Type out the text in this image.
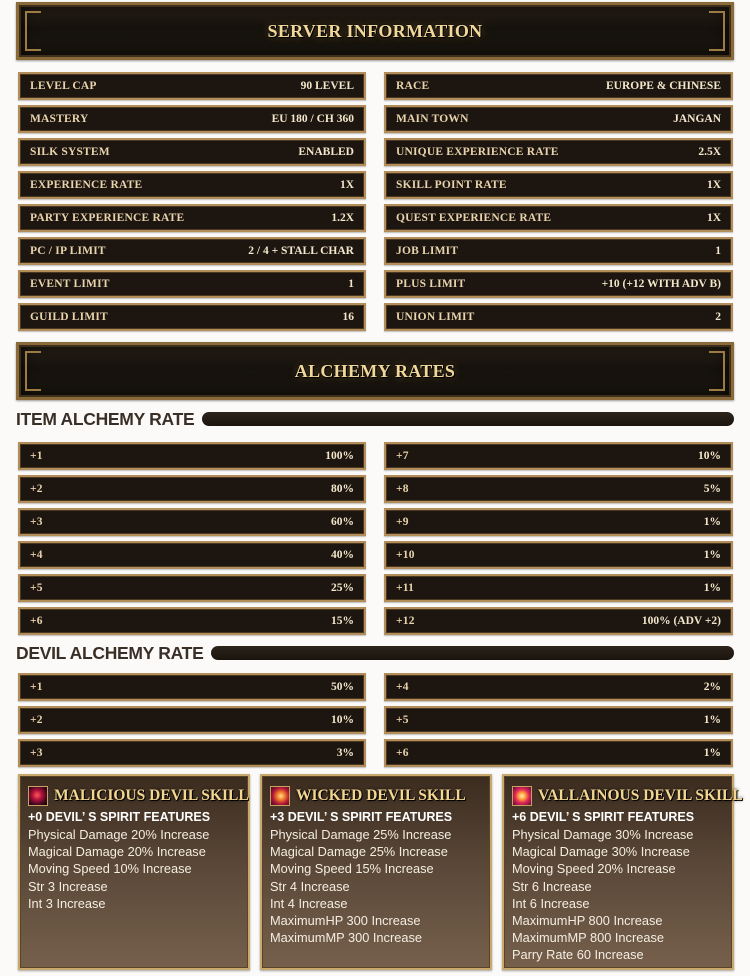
SERVER INFORMATION
LEVEL CAP	90 LEVEL
MASTERY	EU 180 / CH 360
SILK SYSTEM	ENABLED
EXPERIENCE RATE	1X
PARTY EXPERIENCE RATE	1.2X
PC / IP LIMIT	2 / 4 + STALL CHAR
EVENT LIMIT	1
GUILD LIMIT	16
RACE	EUROPE & CHINESE
MAIN TOWN	JANGAN
UNIQUE EXPERIENCE RATE	2.5X
SKILL POINT RATE	1X
QUEST EXPERIENCE RATE	1X
JOB LIMIT	1
PLUS LIMIT	+10 (+12 WITH ADV B)
UNION LIMIT	2
ALCHEMY RATES
ITEM ALCHEMY RATE
+1	100%
+2	80%
+3	60%
+4	40%
+5	25%
+6	15%
+7	10%
+8	5%
+9	1%
+10	1%
+11	1%
+12	100% (ADV +2)
DEVIL ALCHEMY RATE
+1	50%
+2	10%
+3	3%
+4	2%
+5	1%
+6	1%
MALICIOUS DEVIL SKILL
+0 DEVIL’ S SPIRIT FEATURES
Physical Damage 20% Increase
Magical Damage 20% Increase
Moving Speed 10% Increase
Str 3 Increase
Int 3 Increase
WICKED DEVIL SKILL
+3 DEVIL’ S SPIRIT FEATURES
Physical Damage 25% Increase
Magical Damage 25% Increase
Moving Speed 15% Increase
Str 4 Increase
Int 4 Increase
MaximumHP 300 Increase
MaximumMP 300 Increase
VALLAINOUS DEVIL SKILL
+6 DEVIL’ S SPIRIT FEATURES
Physical Damage 30% Increase
Magical Damage 30% Increase
Moving Speed 20% Increase
Str 6 Increase
Int 6 Increase
MaximumHP 800 Increase
MaximumMP 800 Increase
Parry Rate 60 Increase
